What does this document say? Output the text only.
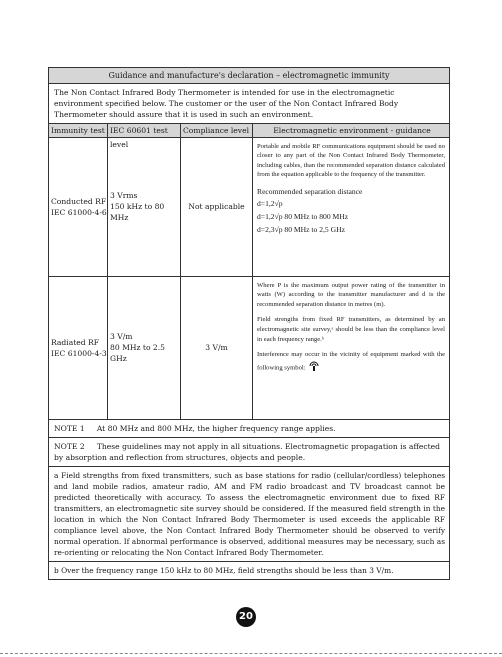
Guidance and manufacture's declaration – electromagnetic immunity
The Non Contact Infrared Body Thermometer is intended for use in the electromagnetic environment specified below. The customer or the user of the Non Contact Infrared Body Thermometer should assure that it is used in such an environment.
Immunity test IEC 60601 test level
Compliance level	Electromagnetic environment - guidance
Conducted RF
IEC 61000-4-6
3 Vrms
150 kHz to 80 MHz
Not applicable

Portable and mobile RF communications equipment should be used no closer to any part of the Non Contact Infrared Body Thermometer, including cables, than the recommended separation distance calculated from the equation applicable to the frequency of the transmitter.

Recommended separation distance

d=1,2√p

d=1,2√p 80 MHz to 800 MHz

d=2,3√p 80 MHz to 2,5 GHz

Radiated RF
IEC 61000-4-3
3 V/m
80 MHz to 2.5 GHz
3 V/m

Where P is the maximum output power rating of the transmitter in watts (W) according to the transmitter manufacturer and d is the recommended separation distance in metres (m).

Field strengths from fixed RF transmitters, as determined by an electromagnetic site survey,ᵃ should be less than the compliance level in each frequency range.ᵇ

Interference may occur in the vicinity of equipment marked with the following symbol:

NOTE 1 At 80 MHz and 800 MHz, the higher frequency range applies.
NOTE 2 These guidelines may not apply in all situations. Electromagnetic propagation is affected by absorption and reflection from structures, objects and people.
a Field strengths from fixed transmitters, such as base stations for radio (cellular/cordless) telephones and land mobile radios, amateur radio, AM and FM radio broadcast and TV broadcast cannot be predicted theoretically with accuracy. To assess the electromagnetic environment due to fixed RF transmitters, an electromagnetic site survey should be considered. If the measured field strength in the location in which the Non Contact Infrared Body Thermometer is used exceeds the applicable RF compliance level above, the Non Contact Infrared Body Thermometer should be observed to verify normal operation. If abnormal performance is observed, additional measures may be necessary, such as re-orienting or relocating the Non Contact Infrared Body Thermometer.
b Over the frequency range 150 kHz to 80 MHz, field strengths should be less than 3 V/m.
20
